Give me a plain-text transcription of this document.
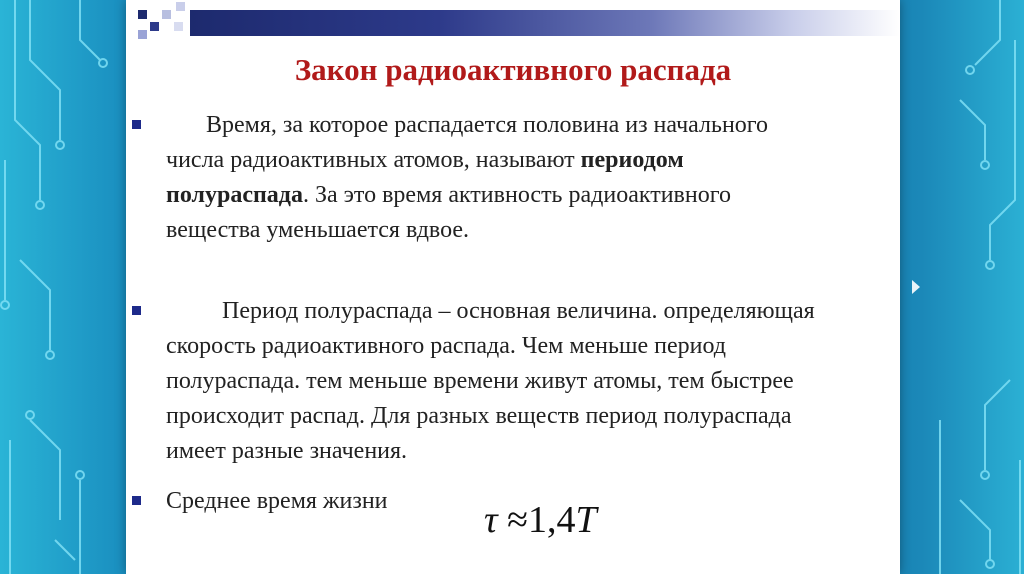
Закон радиоактивного распада
Время, за которое распадается половина из начального числа радиоактивных атомов, называют периодом полураспада. За это время активность радиоактивного вещества уменьшается вдвое.
Период полураспада – основная величина. определяющая скорость радиоактивного распада. Чем меньше период полураспада. тем меньше времени живут атомы, тем быстрее происходит распад. Для разных веществ период полураспада имеет разные значения.
Среднее время жизни	τ ≈1,4T
